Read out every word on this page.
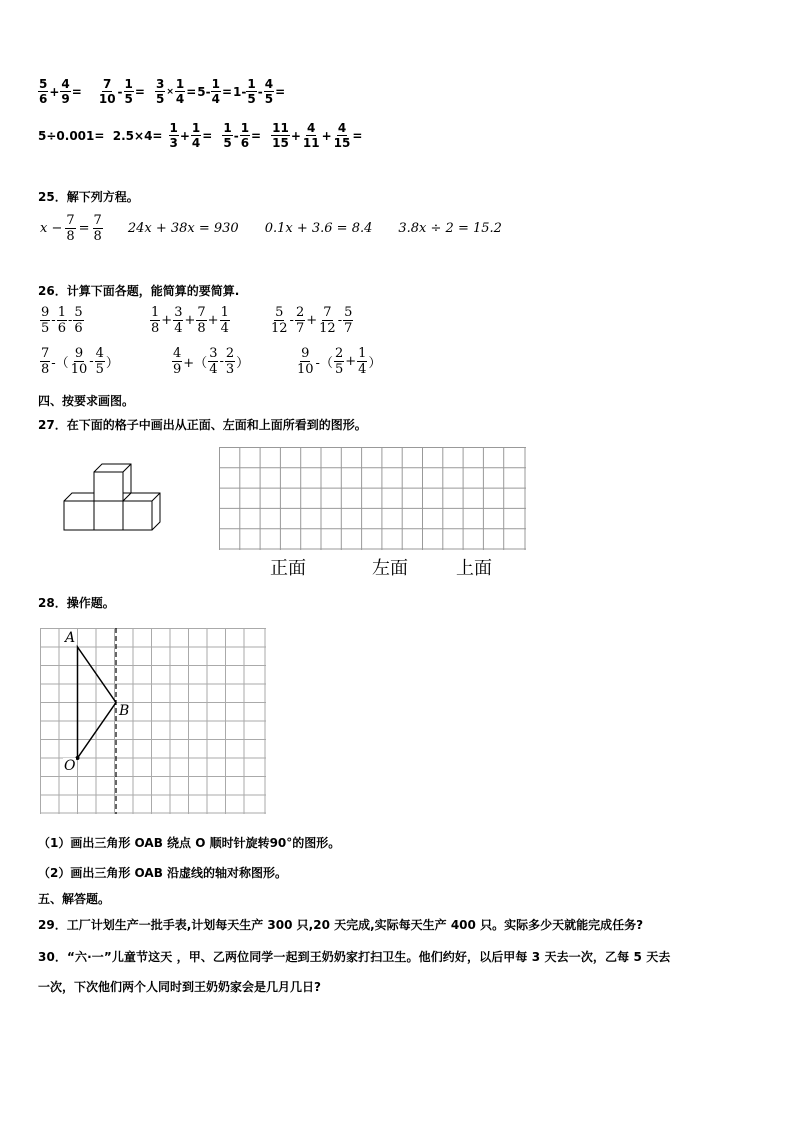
$\frac{5}{6} + \frac{4}{9} = \frac{7}{10} - \frac{1}{5} = \frac{3}{5} \times \frac{1}{4} = 5- \frac{1}{4} = 1- \frac{1}{5} - \frac{4}{5}$ =
$5\div 0.001= 2.5\times 4= \frac{1}{3} + \frac{1}{4} = \frac{1}{5} - \frac{1}{6} = \frac{11}{15} + \frac{4}{11} + \frac{4}{15}$ =
25．解下列方程。
$x - \frac{7}{8} = \frac{7}{8} 24x + 38x = 930$ 0.1x + 3.6 = 8.4 3.8x ÷ 2 = 15.2
26．计算下面各题，能简算的要简算.
$\frac{9}{5} - \frac{1}{6} - \frac{5}{6}$	$\frac{1}{8} + \frac{3}{4} + \frac{7}{8} + \frac{1}{4}$	$\frac{5}{12} - \frac{2}{7} + \frac{7}{12} - \frac{5}{7}$
$\frac{7}{8}$ -（ $\frac{9}{10} - \frac{4}{5}$ ）	$\frac{4}{9}$ +（ $\frac{3}{4} - \frac{2}{3}$ ）	$\frac{9}{10}$ -（ $\frac{2}{5} + \frac{1}{4}$ ）
四、按要求画图。
27．在下面的格子中画出从正面、左面和上面所看到的图形。
正面	左面	上面
28．操作题。
A
B
O
（1）画出三角形 OAB 绕点 O 顺时针旋转90°的图形。
（2）画出三角形 OAB 沿虚线的轴对称图形。
五、解答题。
29．工厂计划生产一批手表,计划每天生产 300 只,20 天完成,实际每天生产 400 只。实际多少天就能完成任务?
30．“六·一”儿童节这天 ，甲、乙两位同学一起到王奶奶家打扫卫生。他们约好，以后甲每 3 天去一次，乙每 5 天去
一次，下次他们两个人同时到王奶奶家会是几月几日?
